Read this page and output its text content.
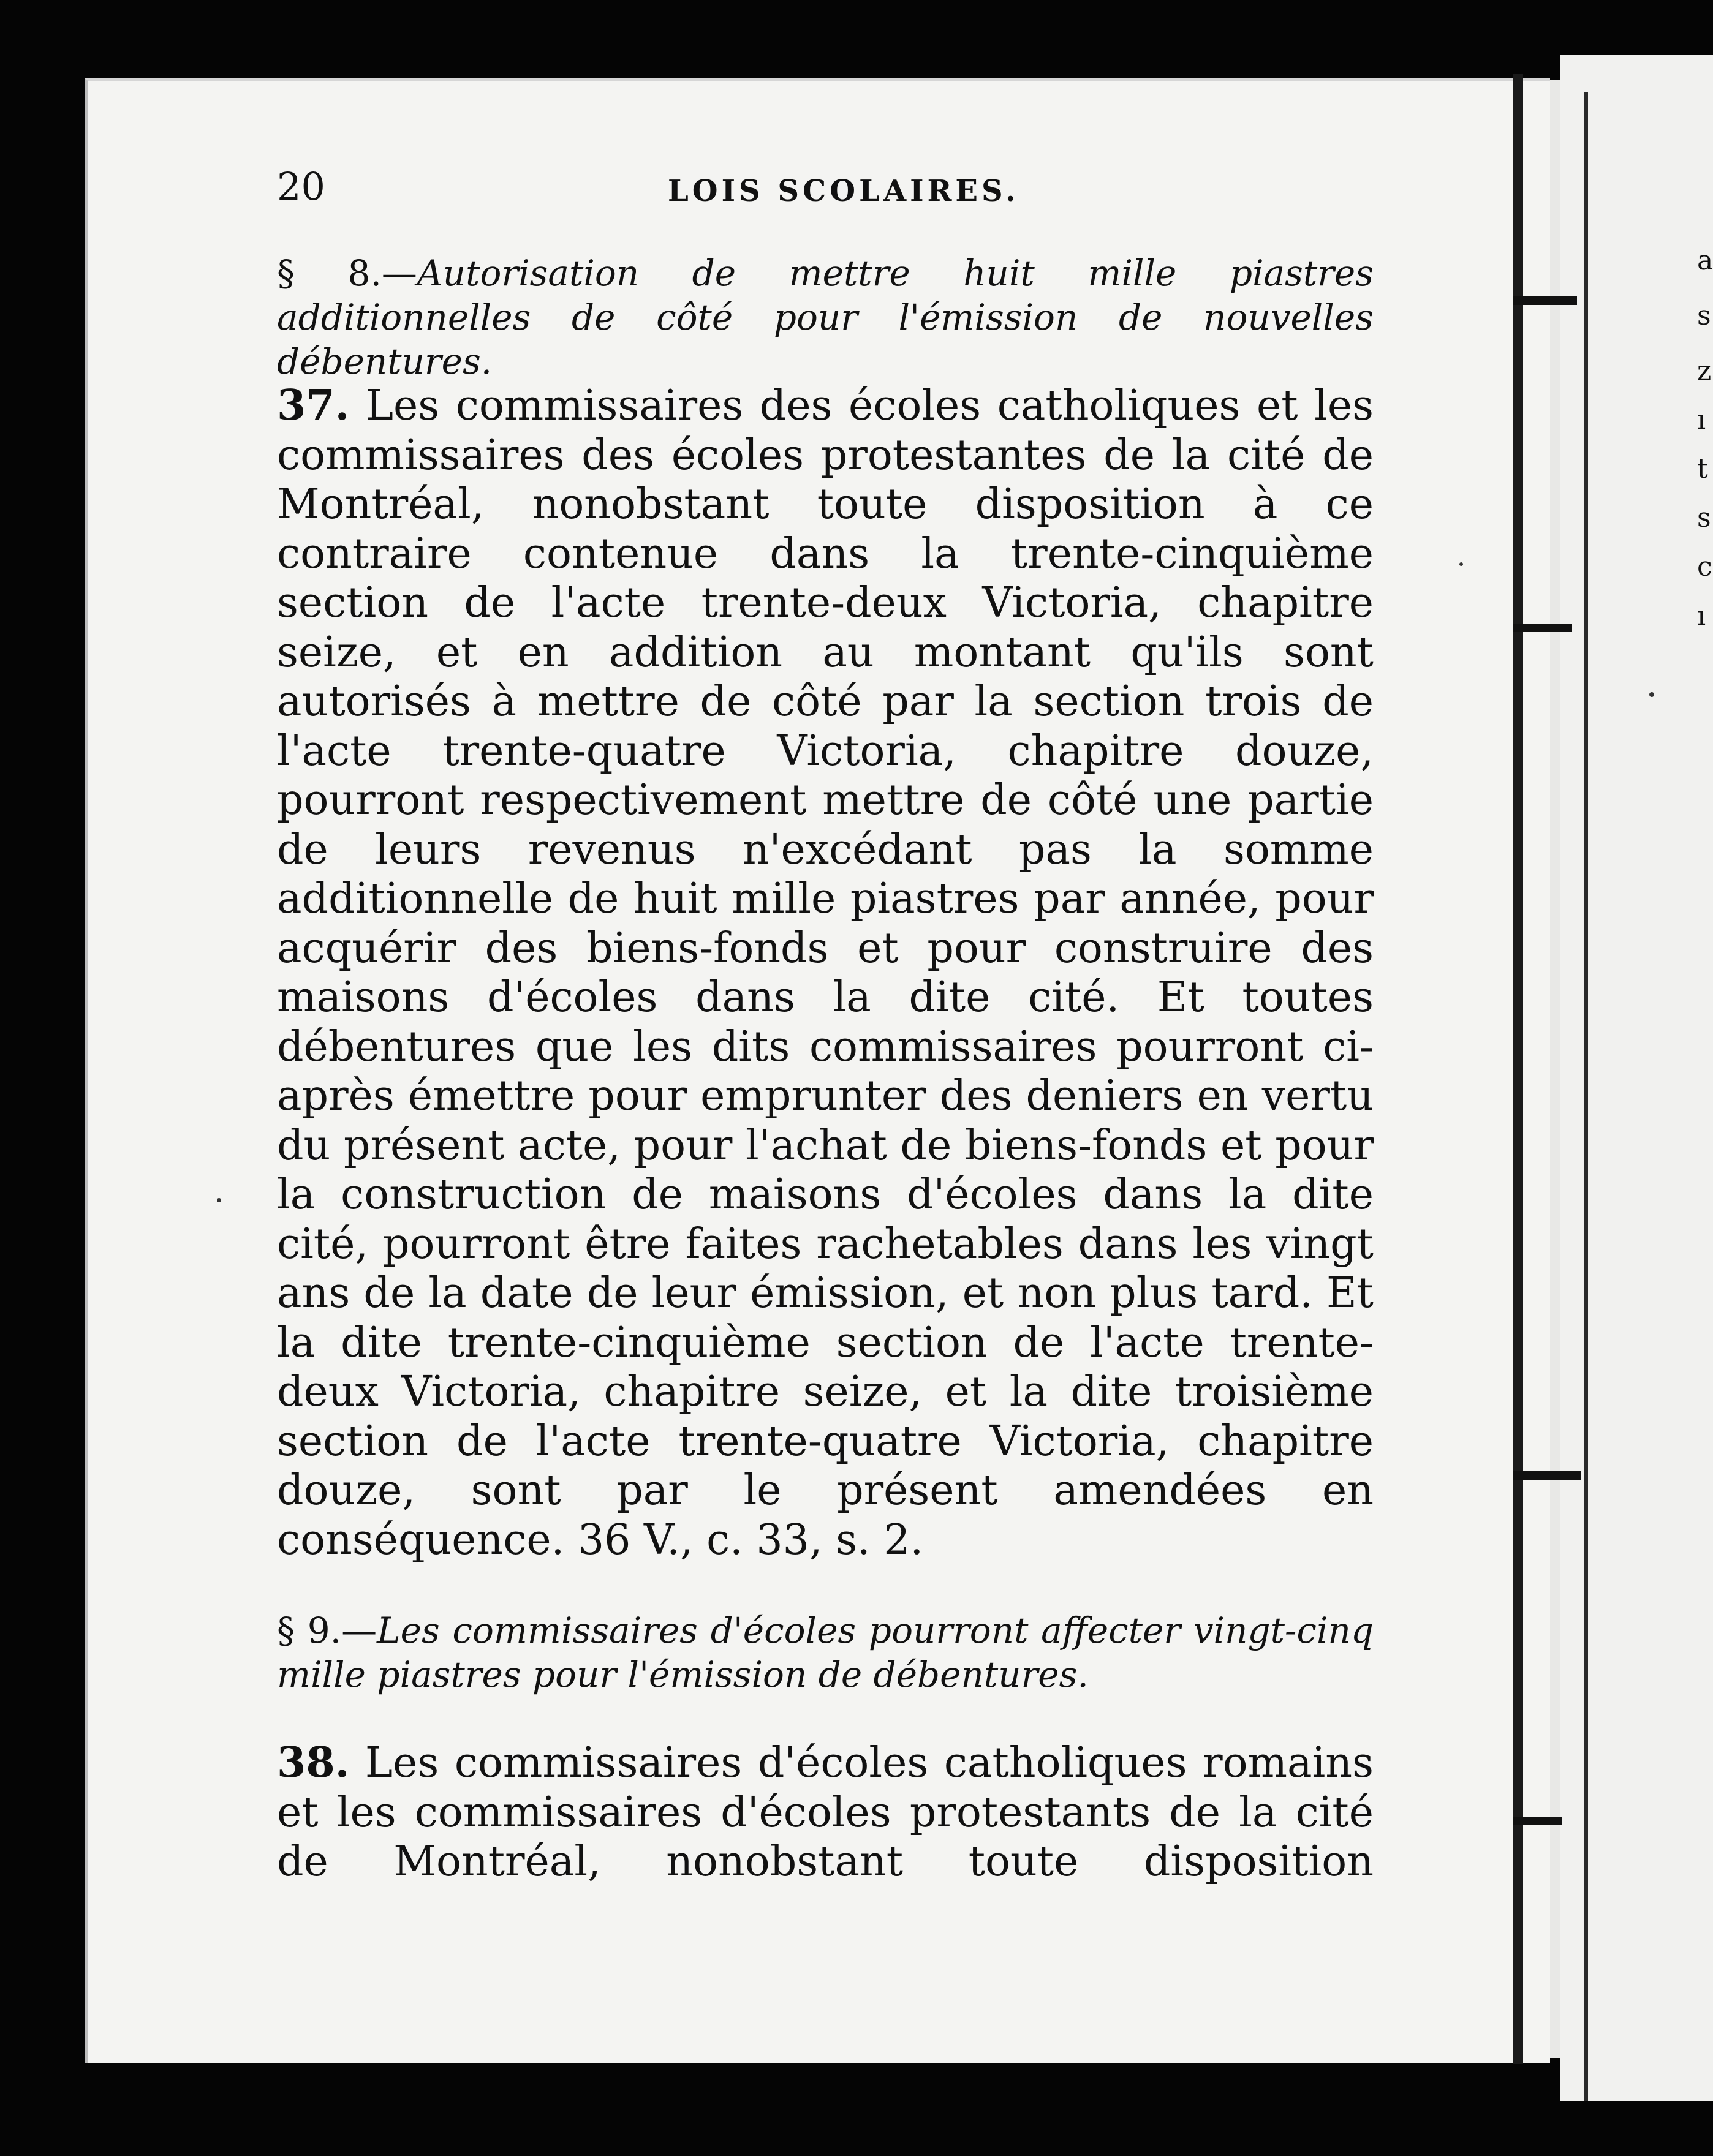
a
s
z
ı
t
s
c
ı

20	LOIS SCOLAIRES.

§ 8.—Autorisation de mettre huit mille piastres additionnelles de côté pour l'émission de nouvelles débentures.

37. Les commissaires des écoles catholiques et les commissaires des écoles protestantes de la cité de Montréal, nonobstant toute disposition à ce contraire contenue dans la trente-cinquième section de l'acte trente-deux Victoria, chapitre seize, et en addition au montant qu'ils sont autorisés à mettre de côté par la section trois de l'acte trente-quatre Victoria, chapitre douze, pourront respectivement mettre de côté une partie de leurs revenus n'excédant pas la somme additionnelle de huit mille piastres par année, pour acquérir des biens-fonds et pour construire des maisons d'écoles dans la dite cité. Et toutes débentures que les dits commissaires pourront ci-après émettre pour emprunter des deniers en vertu du présent acte, pour l'achat de biens-fonds et pour la construction de maisons d'écoles dans la dite cité, pourront être faites rachetables dans les vingt ans de la date de leur émission, et non plus tard. Et la dite trente-cinquième section de l'acte trente-deux Victoria, chapitre seize, et la dite troisième section de l'acte trente-quatre Victoria, chapitre douze, sont par le présent amendées en conséquence. 36 V., c. 33, s. 2.

§ 9.—Les commissaires d'écoles pourront affecter vingt-cinq mille piastres pour l'émission de débentures.

38. Les commissaires d'écoles catholiques romains et les commissaires d'écoles protestants de la cité de Montréal, nonobstant toute disposition
